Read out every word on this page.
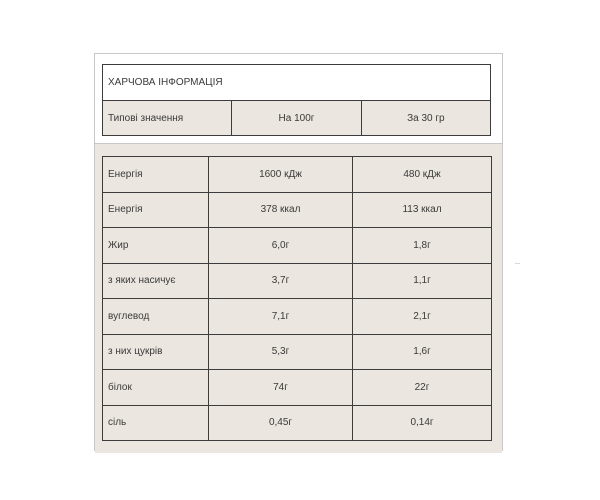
ХАРЧОВА ІНФОРМАЦІЯ
Типові значення	На 100г	За 30 гр
Енергія	1600 кДж	480 кДж
Енергія	378 ккал	113 ккал
Жир	6,0г	1,8г
з яких насичує	3,7г	1,1г
вуглевод	7,1г	2,1г
з них цукрів	5,3г	1,6г
білок	74г	22г
сіль	0,45г	0,14г
